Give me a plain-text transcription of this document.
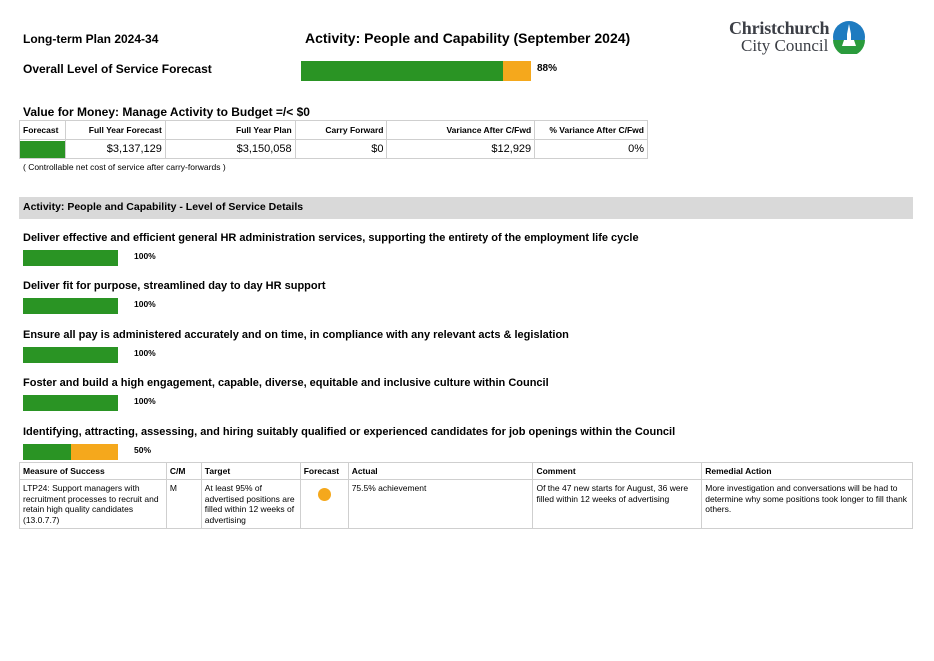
Long-term Plan 2024-34	Activity: People and Capability (September 2024)	Christchurch
City Council
Overall Level of Service Forecast	88%
Value for Money: Manage Activity to Budget =/< $0
Forecast	Full Year Forecast	Full Year Plan	Carry Forward	Variance After C/Fwd	% Variance After C/Fwd

	$3,137,129	$3,150,058	$0	$12,929	0%
( Controllable net cost of service after carry-forwards )
Activity: People and Capability - Level of Service Details
Deliver effective and efficient general HR administration services, supporting the entirety of the employment life cycle
100%
Deliver fit for purpose, streamlined day to day HR support
100%
Ensure all pay is administered accurately and on time, in compliance with any relevant acts & legislation
100%
Foster and build a high engagement, capable, diverse, equitable and inclusive culture within Council
100%
Identifying, attracting, assessing, and hiring suitably qualified or experienced candidates for job openings within the Council
50%
Measure of Success	C/M	Target	Forecast	Actual	Comment	Remedial Action
LTP24: Support managers with recruitment processes to recruit and retain high quality candidates (13.0.7.7)	M	At least 95% of advertised positions are filled within 12 weeks of advertising		75.5% achievement	Of the 47 new starts for August, 36 were filled within 12 weeks of advertising	More investigation and conversations will be had to determine why some positions took longer to fill thank others.
